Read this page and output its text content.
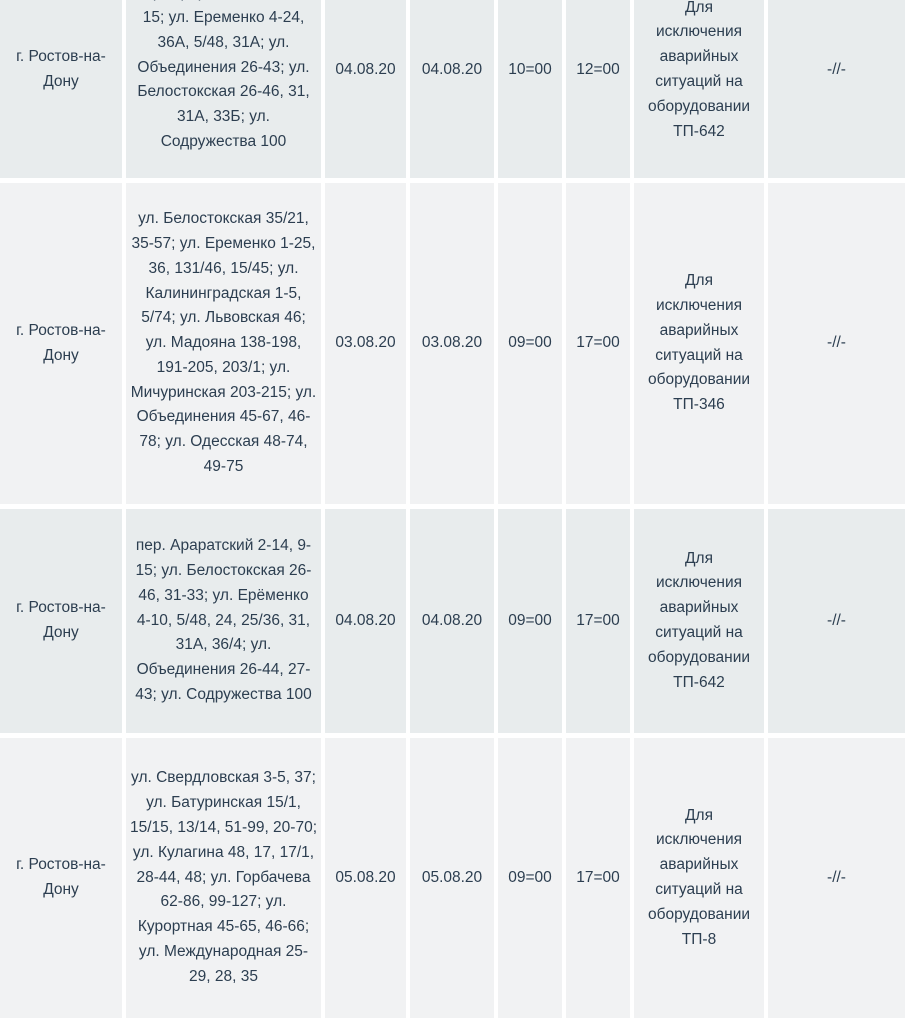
г. Ростов-на-Дону
15; ул. Еременко 4-24, 36А, 5/48, 31А; ул. Объединения 26-43; ул. Белостокская 26-46, 31, 31А, 33Б; ул. Содружества 100
04.08.20 04.08.20 10=00 12=00
Для исключения аварийных ситуаций на оборудовании ТП-642
-//-
г. Ростов-на-Дону
ул. Белостокская 35/21, 35-57; ул. Еременко 1-25, 36, 131/46, 15/45; ул. Калининградская 1-5, 5/74; ул. Львовская 46; ул. Мадояна 138-198, 191-205, 203/1; ул. Мичуринская 203-215; ул. Объединения 45-67, 46-78; ул. Одесская 48-74, 49-75
03.08.20 03.08.20 09=00 17=00
Для исключения аварийных ситуаций на оборудовании ТП-346
-//-
г. Ростов-на-Дону
пер. Араратский 2-14, 9-15; ул. Белостокская 26-46, 31-33; ул. Ерёменко 4-10, 5/48, 24, 25/36, 31, 31А, 36/4; ул. Объединения 26-44, 27-43; ул. Содружества 100
04.08.20 04.08.20 09=00 17=00
Для исключения аварийных ситуаций на оборудовании ТП-642
-//-
г. Ростов-на-Дону
ул. Свердловская 3-5, 37; ул. Батуринская 15/1, 15/15, 13/14, 51-99, 20-70; ул. Кулагина 48, 17, 17/1, 28-44, 48; ул. Горбачева 62-86, 99-127; ул. Курортная 45-65, 46-66; ул. Международная 25-29, 28, 35
05.08.20 05.08.20 09=00 17=00
Для исключения аварийных ситуаций на оборудовании ТП-8
-//-
